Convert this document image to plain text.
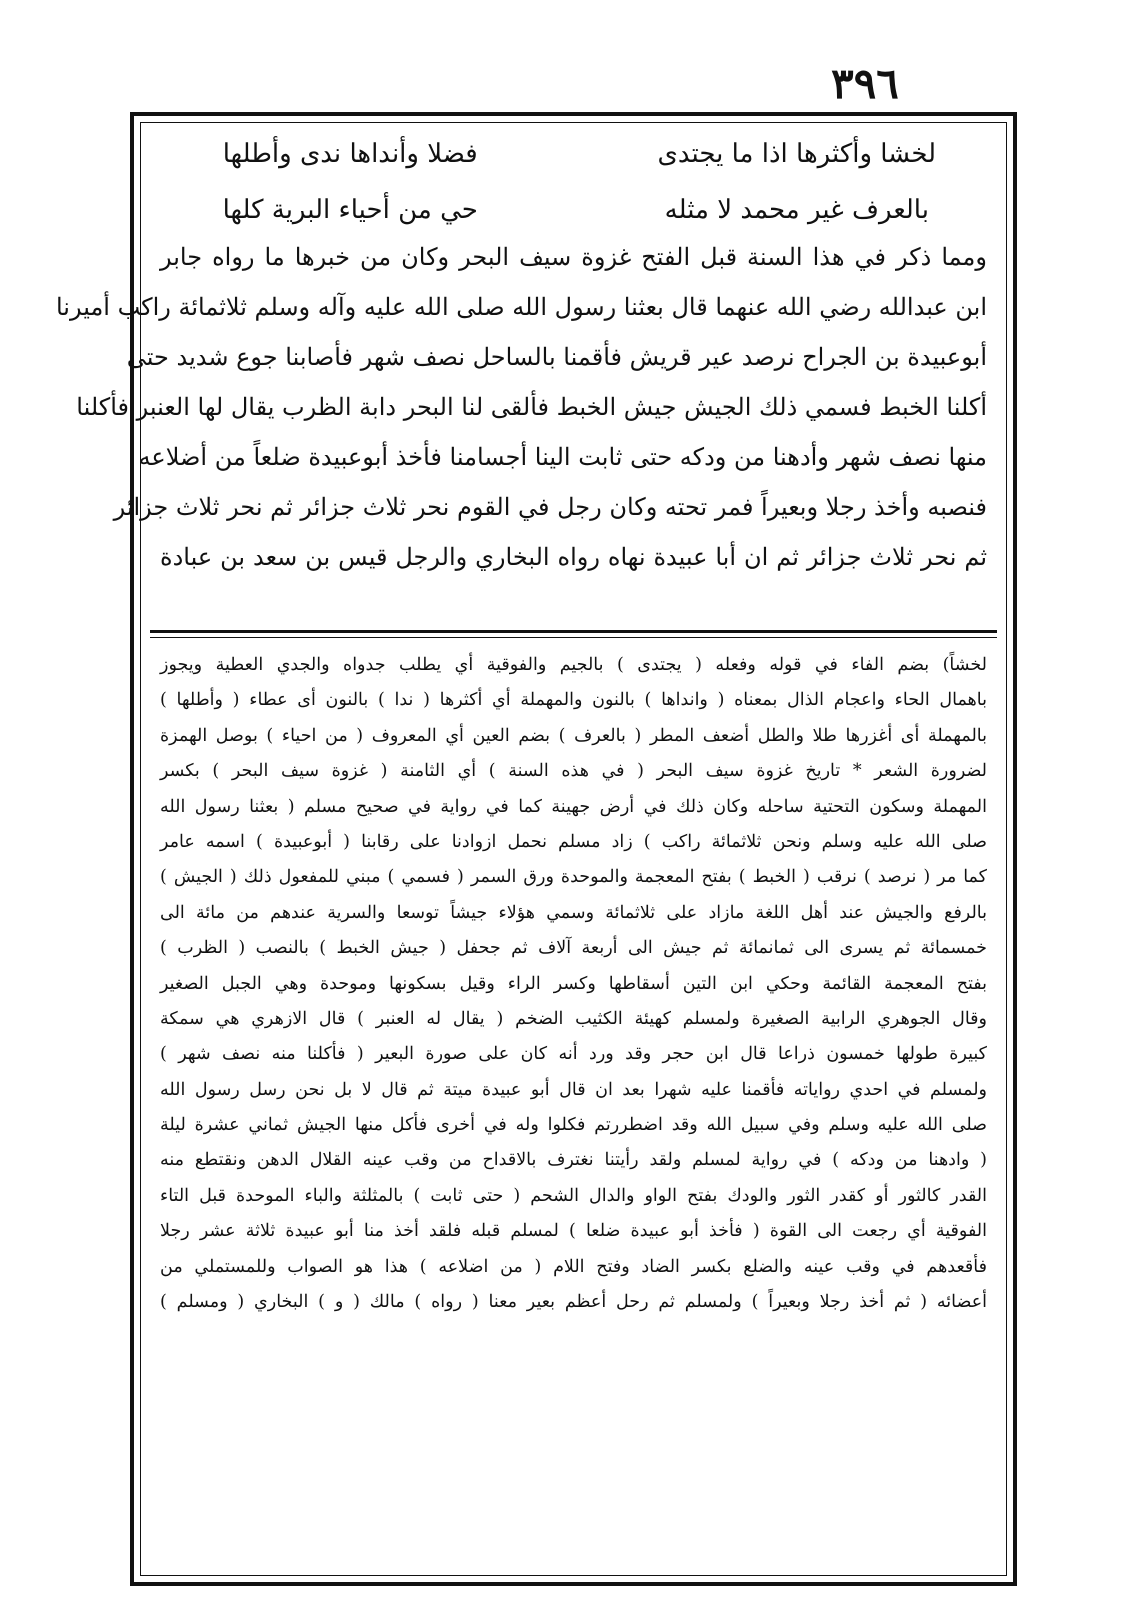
٣٩٦
لخشا وأكثرها اذا ما يجتدى
فضلا وأنداها ندى وأطلها
بالعرف غير محمد لا مثله
حي من أحياء البرية كلها
ومما ذكر في هذا السنة قبل الفتح غزوة سيف البحر وكان من خبرها ما رواه جابر
ابن عبدالله رضي الله عنهما قال بعثنا رسول الله صلى الله عليه وآله وسلم ثلاثمائة راكب أميرنا
أبوعبيدة بن الجراح نرصد عير قريش فأقمنا بالساحل نصف شهر فأصابنا جوع شديد حتى
أكلنا الخبط فسمي ذلك الجيش جيش الخبط فألقى لنا البحر دابة الظرب يقال لها العنبر فأكلنا
منها نصف شهر وأدهنا من ودكه حتى ثابت الينا أجسامنا فأخذ أبوعبيدة ضلعاً من أضلاعه
فنصبه وأخذ رجلا وبعيراً فمر تحته وكان رجل في القوم نحر ثلاث جزائر ثم نحر ثلاث جزائر
ثم نحر ثلاث جزائر ثم ان أبا عبيدة نهاه رواه البخاري والرجل قيس بن سعد بن عبادة
لخشاً) بضم الفاء في قوله وفعله ( يجتدى ) بالجيم والفوقية أي يطلب جدواه والجدي العطية ويجوز
باهمال الحاء واعجام الذال بمعناه ( وانداها ) بالنون والمهملة أي أكثرها ( ندا ) بالنون أى عطاء ( وأطلها )
بالمهملة أى أغزرها طلا والطل أضعف المطر ( بالعرف ) بضم العين أي المعروف ( من احياء ) بوصل الهمزة
لضرورة الشعر * تاريخ غزوة سيف البحر ( في هذه السنة ) أي الثامنة ( غزوة سيف البحر ) بكسر
المهملة وسكون التحتية ساحله وكان ذلك في أرض جهينة كما في رواية في صحيح مسلم ( بعثنا رسول الله
صلى الله عليه وسلم ونحن ثلاثمائة راكب ) زاد مسلم نحمل ازوادنا على رقابنا ( أبوعبيدة ) اسمه عامر
كما مر ( نرصد ) نرقب ( الخبط ) بفتح المعجمة والموحدة ورق السمر ( فسمي ) مبني للمفعول ذلك ( الجيش )
بالرفع والجيش عند أهل اللغة مازاد على ثلاثمائة وسمي هؤلاء جيشاً توسعا والسرية عندهم من مائة الى
خمسمائة ثم يسرى الى ثمانمائة ثم جيش الى أربعة آلاف ثم جحفل ( جيش الخبط ) بالنصب ( الظرب )
بفتح المعجمة القائمة وحكي ابن التين أسقاطها وكسر الراء وقيل بسكونها وموحدة وهي الجبل الصغير
وقال الجوهري الرابية الصغيرة ولمسلم كهيئة الكثيب الضخم ( يقال له العنبر ) قال الازهري هي سمكة
كبيرة طولها خمسون ذراعا قال ابن حجر وقد ورد أنه كان على صورة البعير ( فأكلنا منه نصف شهر )
ولمسلم في احدي رواياته فأقمنا عليه شهرا بعد ان قال أبو عبيدة ميتة ثم قال لا بل نحن رسل رسول الله
صلى الله عليه وسلم وفي سبيل الله وقد اضطررتم فكلوا وله في أخرى فأكل منها الجيش ثماني عشرة ليلة
( وادهنا من ودكه ) في رواية لمسلم ولقد رأيتنا نغترف بالاقداح من وقب عينه القلال الدهن ونقتطع منه
القدر كالثور أو كقدر الثور والودك بفتح الواو والدال الشحم ( حتى ثابت ) بالمثلثة والباء الموحدة قبل التاء
الفوقية أي رجعت الى القوة ( فأخذ أبو عبيدة ضلعا ) لمسلم قبله فلقد أخذ منا أبو عبيدة ثلاثة عشر رجلا
فأقعدهم في وقب عينه والضلع بكسر الضاد وفتح اللام ( من اضلاعه ) هذا هو الصواب وللمستملي من
أعضائه ( ثم أخذ رجلا وبعيراً ) ولمسلم ثم رحل أعظم بعير معنا ( رواه ) مالك ( و ) البخاري ( ومسلم )
